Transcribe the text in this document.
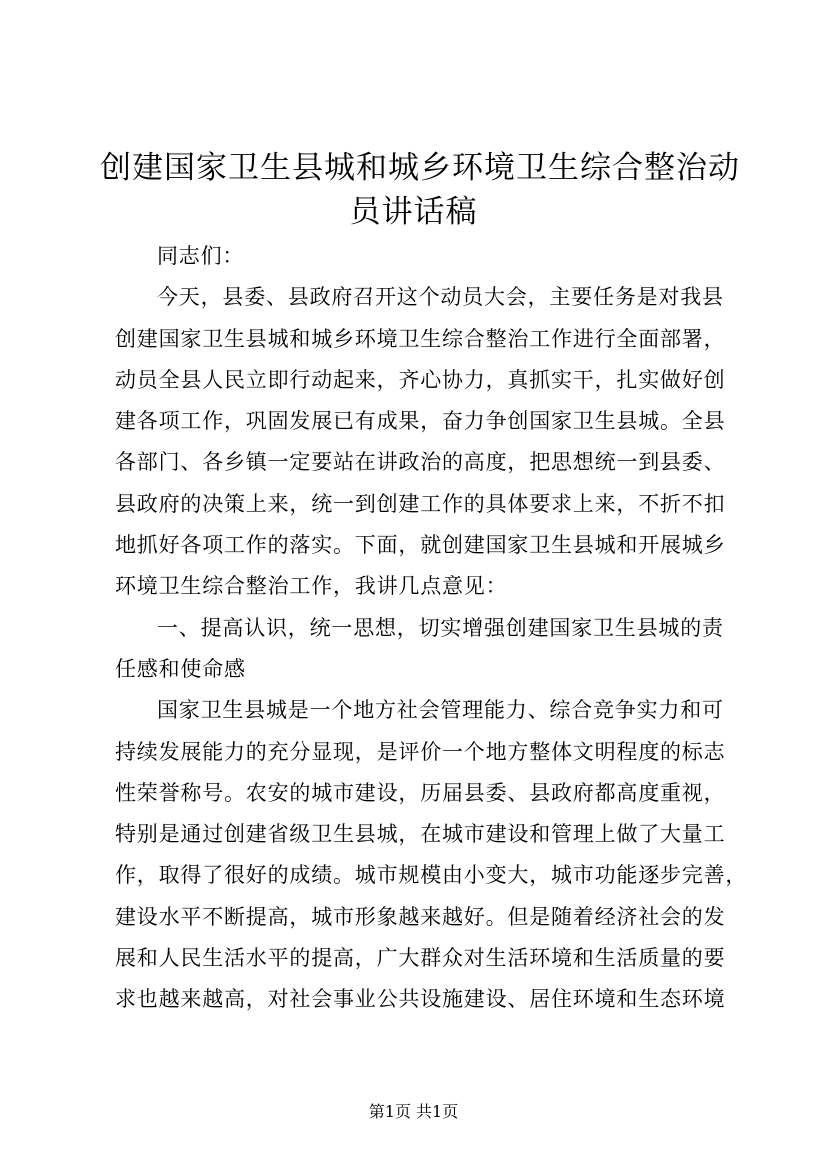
创建国家卫生县城和城乡环境卫生综合整治动
员讲话稿
同志们：
今天，县委、县政府召开这个动员大会，主要任务是对我县
创建国家卫生县城和城乡环境卫生综合整治工作进行全面部署，
动员全县人民立即行动起来，齐心协力，真抓实干，扎实做好创
建各项工作，巩固发展已有成果，奋力争创国家卫生县城。全县
各部门、各乡镇一定要站在讲政治的高度，把思想统一到县委、
县政府的决策上来，统一到创建工作的具体要求上来，不折不扣
地抓好各项工作的落实。下面，就创建国家卫生县城和开展城乡
环境卫生综合整治工作，我讲几点意见：
一、提高认识，统一思想，切实增强创建国家卫生县城的责
任感和使命感
国家卫生县城是一个地方社会管理能力、综合竞争实力和可
持续发展能力的充分显现，是评价一个地方整体文明程度的标志
性荣誉称号。农安的城市建设，历届县委、县政府都高度重视，
特别是通过创建省级卫生县城，在城市建设和管理上做了大量工
作，取得了很好的成绩。城市规模由小变大，城市功能逐步完善，
建设水平不断提高，城市形象越来越好。但是随着经济社会的发
展和人民生活水平的提高，广大群众对生活环境和生活质量的要
求也越来越高，对社会事业公共设施建设、居住环境和生态环境
第1页 共1页
